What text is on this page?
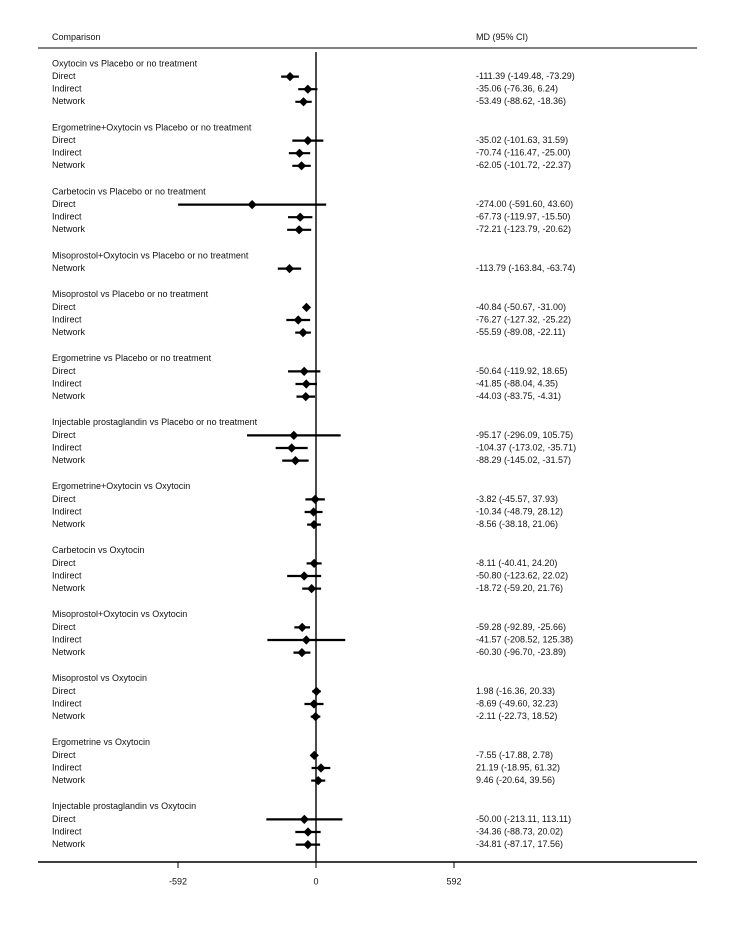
Comparison	MD (95% CI)
Oxytocin vs Placebo or no treatment
Direct	-111.39 (-149.48, -73.29)
Indirect	-35.06 (-76.36, 6.24)
Network	-53.49 (-88.62, -18.36)
Ergometrine+Oxytocin vs Placebo or no treatment
Direct	-35.02 (-101.63, 31.59)
Indirect	-70.74 (-116.47, -25.00)
Network	-62.05 (-101.72, -22.37)
Carbetocin vs Placebo or no treatment
Direct	-274.00 (-591.60, 43.60)
Indirect	-67.73 (-119.97, -15.50)
Network	-72.21 (-123.79, -20.62)
Misoprostol+Oxytocin vs Placebo or no treatment
Network	-113.79 (-163.84, -63.74)
Misoprostol vs Placebo or no treatment
Direct	-40.84 (-50.67, -31.00)
Indirect	-76.27 (-127.32, -25.22)
Network	-55.59 (-89.08, -22.11)
Ergometrine vs Placebo or no treatment
Direct	-50.64 (-119.92, 18.65)
Indirect	-41.85 (-88.04, 4.35)
Network	-44.03 (-83.75, -4.31)
Injectable prostaglandin vs Placebo or no treatment
Direct	-95.17 (-296.09, 105.75)
Indirect	-104.37 (-173.02, -35.71)
Network	-88.29 (-145.02, -31.57)
Ergometrine+Oxytocin vs Oxytocin
Direct	-3.82 (-45.57, 37.93)
Indirect	-10.34 (-48.79, 28.12)
Network	-8.56 (-38.18, 21.06)
Carbetocin vs Oxytocin
Direct	-8.11 (-40.41, 24.20)
Indirect	-50.80 (-123.62, 22.02)
Network	-18.72 (-59.20, 21.76)
Misoprostol+Oxytocin vs Oxytocin
Direct	-59.28 (-92.89, -25.66)
Indirect	-41.57 (-208.52, 125.38)
Network	-60.30 (-96.70, -23.89)
Misoprostol vs Oxytocin
Direct	1.98 (-16.36, 20.33)
Indirect	-8.69 (-49.60, 32.23)
Network	-2.11 (-22.73, 18.52)
Ergometrine vs Oxytocin
Direct	-7.55 (-17.88, 2.78)
Indirect	21.19 (-18.95, 61.32)
Network	9.46 (-20.64, 39.56)
Injectable prostaglandin vs Oxytocin
Direct	-50.00 (-213.11, 113.11)
Indirect	-34.36 (-88.73, 20.02)
Network	-34.81 (-87.17, 17.56)
-592	0	592
